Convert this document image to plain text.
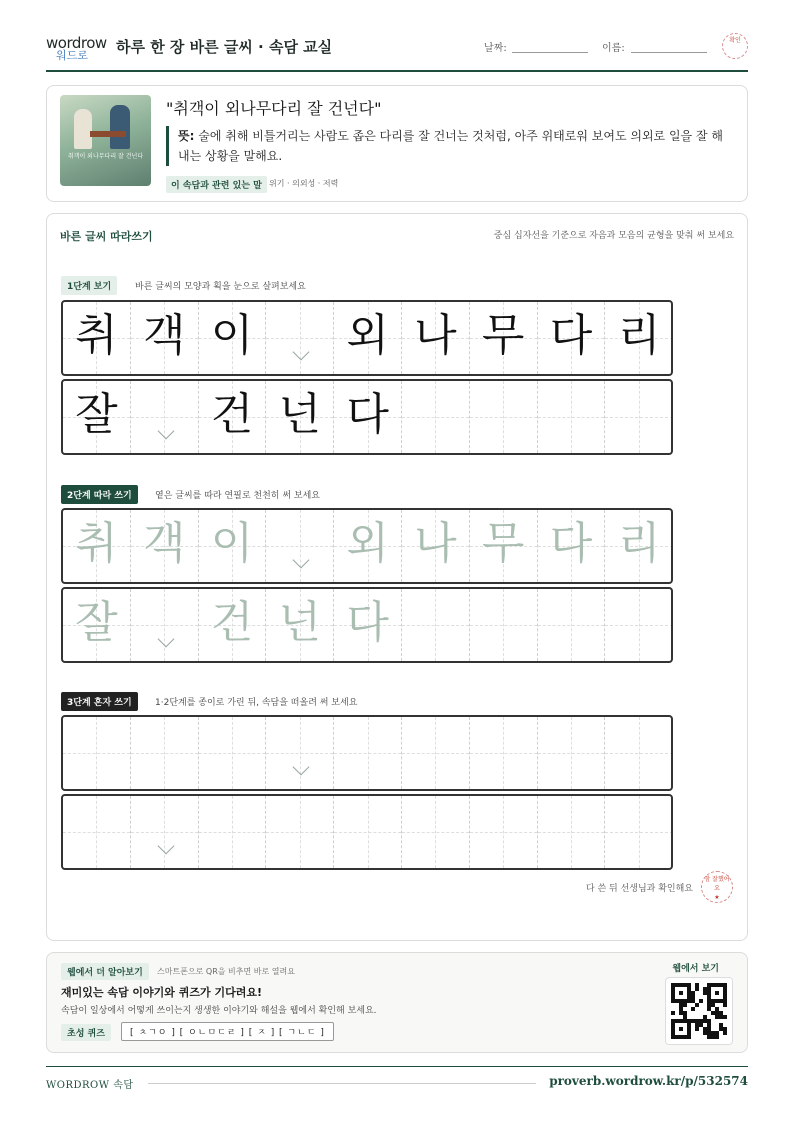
wordrow
워드로 하루 한 장 바른 글씨 · 속담 교실	날짜:	이름:
확인
취객이 외나무다리 잘 건넌다
"취객이 외나무다리 잘 건넌다"
뜻: 술에 취해 비틀거리는 사람도 좁은 다리를 잘 건너는 것처럼, 아주 위태로워 보여도 의외로 일을 잘 해내는 상황을 말해요.
이 속담과 관련 있는 말 위기 · 의외성 · 저력
바른 글씨 따라쓰기	중심 십자선을 기준으로 자음과 모음의 균형을 맞춰 써 보세요
1단계 보기	바른 글씨의 모양과 획을 눈으로 살펴보세요
취 객 이 외 나 무 다 리
잘 건 넌 다
2단계 따라 쓰기	옅은 글씨를 따라 연필로 천천히 써 보세요
취 객 이 외 나 무 다 리
잘 건 넌 다
3단계 혼자 쓰기	1·2단계를 종이로 가린 뒤, 속담을 떠올려 써 보세요
다 쓴 뒤 선생님과 확인해요
참 잘했어요
★
웹에서 더 알아보기	스마트폰으로 QR을 비추면 바로 열려요
재미있는 속담 이야기와 퀴즈가 기다려요!
속담이 일상에서 어떻게 쓰이는지 생생한 이야기와 해설을 웹에서 확인해 보세요.
초성 퀴즈	[ ㅊㄱㅇ ] [ ㅇㄴㅁㄷㄹ ] [ ㅈ ] [ ㄱㄴㄷ ]
웹에서 보기
WORDROW 속담	proverb.wordrow.kr/p/532574
